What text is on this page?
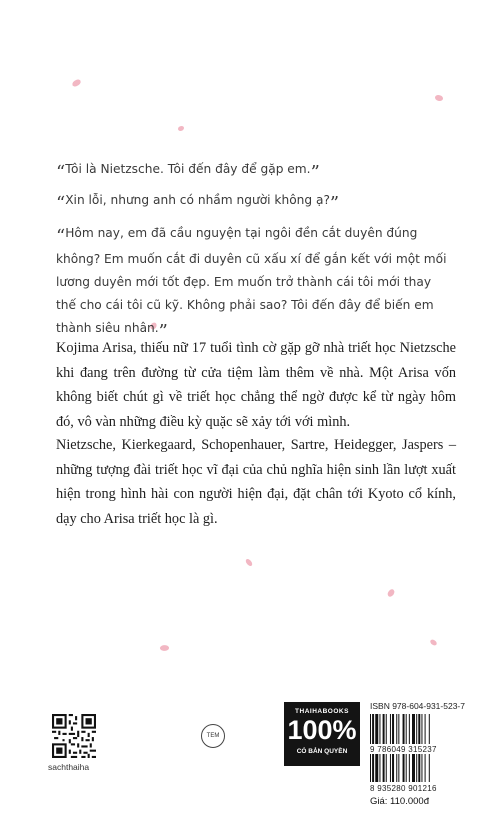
“Tôi là Nietzsche. Tôi đến đây để gặp em.”
“Xin lỗi, nhưng anh có nhầm người không ạ?”
“Hôm nay, em đã cầu nguyện tại ngôi đền cắt duyên đúng không? Em muốn cắt đi duyên cũ xấu xí để gắn kết với một mối lương duyên mới tốt đẹp. Em muốn trở thành cái tôi mới thay thế cho cái tôi cũ kỹ. Không phải sao? Tôi đến đây để biến em thành siêu nhân.”
Kojima Arisa, thiếu nữ 17 tuổi tình cờ gặp gỡ nhà triết học Nietzsche khi đang trên đường từ cửa tiệm làm thêm về nhà. Một Arisa vốn không biết chút gì về triết học chẳng thể ngờ được kể từ ngày hôm đó, vô vàn những điều kỳ quặc sẽ xảy tới với mình.
Nietzsche, Kierkegaard, Schopenhauer, Sartre, Heidegger, Jaspers – những tượng đài triết học vĩ đại của chủ nghĩa hiện sinh lần lượt xuất hiện trong hình hài con người hiện đại, đặt chân tới Kyoto cổ kính, dạy cho Arisa triết học là gì.
sachthaiha
TEM
THAIHABOOKS
100%
CÓ BẢN QUYỀN
ISBN 978-604-931-523-7
9 786049 315237
8 935280 901216
Giá: 110.000đ
